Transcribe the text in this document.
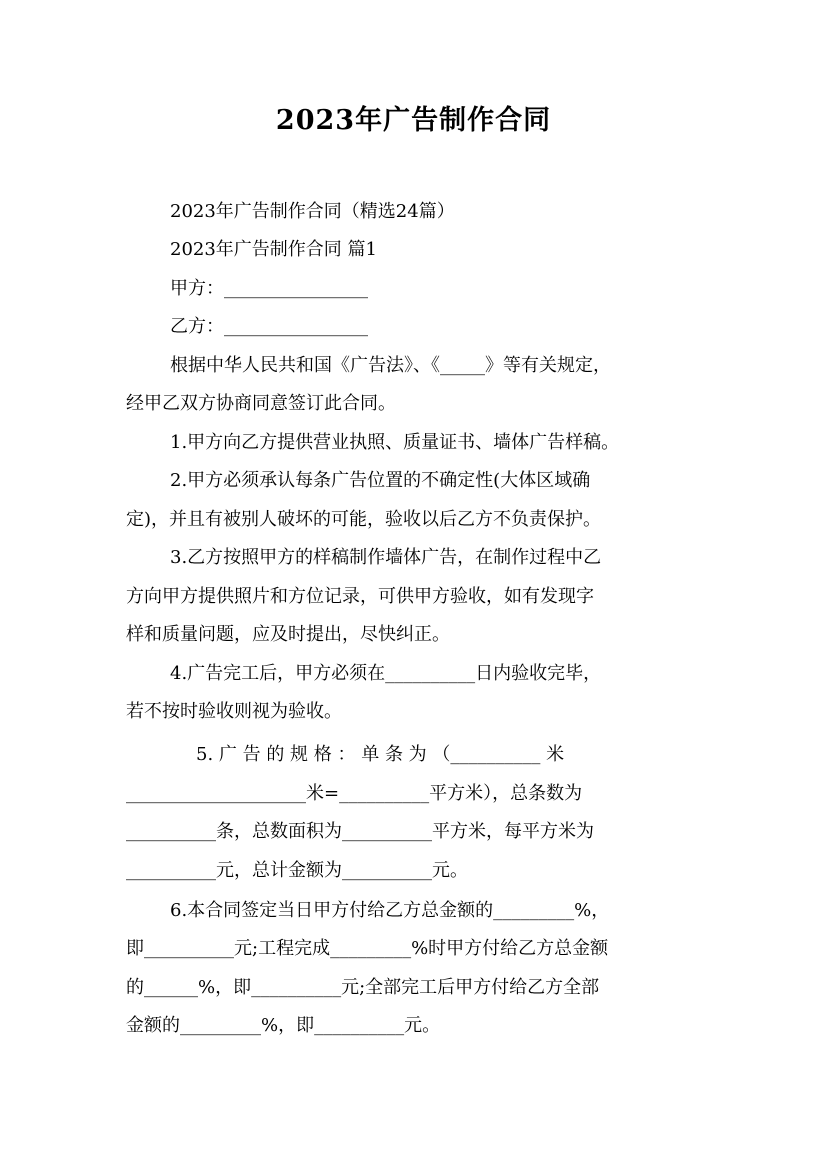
2023年广告制作合同
2023年广告制作合同（精选24篇）
2023年广告制作合同 篇1
甲方：________________
乙方：________________
根据中华人民共和国《广告法》、《_____》等有关规定，
经甲乙双方协商同意签订此合同。
1.甲方向乙方提供营业执照、质量证书、墙体广告样稿。
2.甲方必须承认每条广告位置的不确定性(大体区域确
定)，并且有被别人破坏的可能，验收以后乙方不负责保护。
3.乙方按照甲方的样稿制作墙体广告，在制作过程中乙
方向甲方提供照片和方位记录，可供甲方验收，如有发现字
样和质量问题，应及时提出，尽快纠正。
4.广告完工后，甲方必须在__________日内验收完毕，
若不按时验收则视为验收。
5. 广 告 的 规 格 ： 单 条 为 （__________ 米
____________________米=__________平方米），总条数为
__________条，总数面积为__________平方米，每平方米为
__________元，总计金额为__________元。
6.本合同签定当日甲方付给乙方总金额的_________%，
即__________元;工程完成_________%时甲方付给乙方总金额
的______%，即__________元;全部完工后甲方付给乙方全部
金额的_________%，即__________元。
